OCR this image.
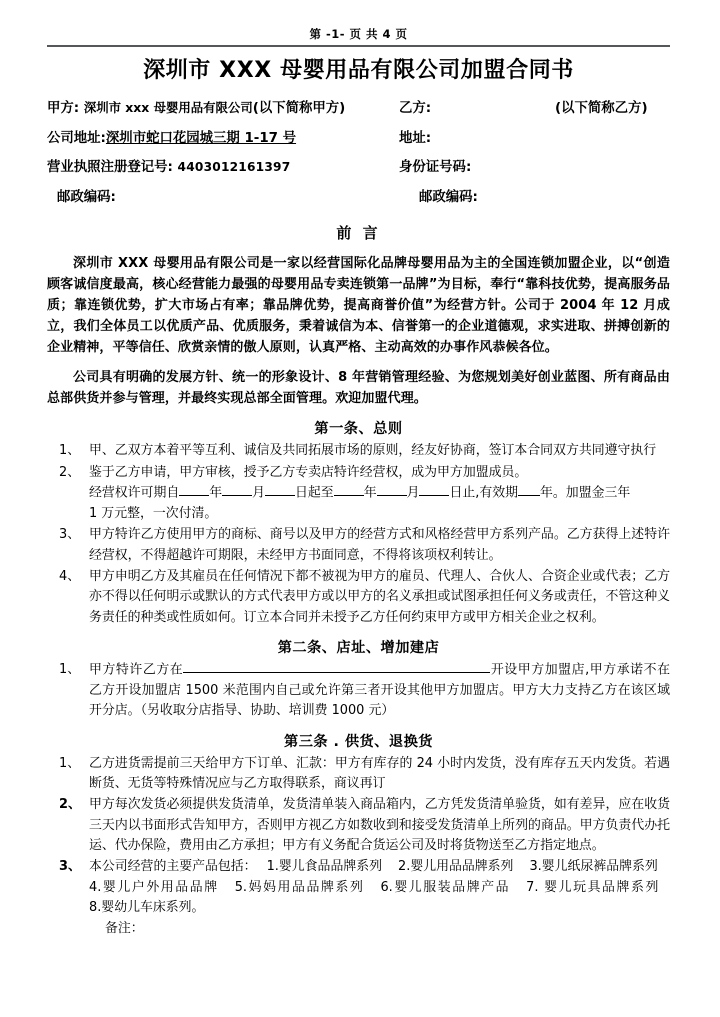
第 -1- 页 共 4 页
深圳市 XXX 母婴用品有限公司加盟合同书
甲方: 深圳市 xxx 母婴用品有限公司(以下简称甲方)	乙方:	(以下简称乙方)
公司地址:深圳市蛇口花园城三期 1-17 号	地址:
营业执照注册登记号: 4403012161397	身份证号码:
邮政编码:	邮政编码:
前 言

深圳市 XXX 母婴用品有限公司是一家以经营国际化品牌母婴用品为主的全国连锁加盟企业，以“创造顾客诚信度最高，核心经营能力最强的母婴用品专卖连锁第一品牌”为目标，奉行“靠科技优势，提高服务品质；靠连锁优势，扩大市场占有率；靠品牌优势，提高商誉价值”为经营方针。公司于 2004 年 12 月成立，我们全体员工以优质产品、优质服务，秉着诚信为本、信誉第一的企业道德观，求实进取、拼搏创新的企业精神，平等信任、欣赏亲情的傲人原则，认真严格、主动高效的办事作风恭候各位。

公司具有明确的发展方针、统一的形象设计、8 年营销管理经验、为您规划美好创业蓝图、所有商品由总部供货并参与管理，并最终实现总部全面管理。欢迎加盟代理。

第一条、总则
1、 甲、乙双方本着平等互利、诚信及共同拓展市场的原则，经友好协商，签订本合同双方共同遵守执行
2、 鉴于乙方申请，甲方审核，授予乙方专卖店特许经营权，成为甲方加盟成员。
经营权许可期自 年 月 日起至 年 月 日止,有效期 年。加盟金三年
1 万元整，一次付清。
3、 甲方特许乙方使用甲方的商标、商号以及甲方的经营方式和风格经营甲方系列产品。乙方获得上述特许经营权，不得超越许可期限，未经甲方书面同意，不得将该项权利转让。
4、 甲方申明乙方及其雇员在任何情况下都不被视为甲方的雇员、代理人、合伙人、合资企业或代表；乙方亦不得以任何明示或默认的方式代表甲方或以甲方的名义承担或试图承担任何义务或责任，不管这种义务责任的种类或性质如何。订立本合同并未授予乙方任何约束甲方或甲方相关企业之权利。
第二条、店址、增加建店
1、 甲方特许乙方在	开设甲方加盟店,甲方承诺不在乙方开设加盟店 1500 米范围内自己或允许第三者开设其他甲方加盟店。甲方大力支持乙方在该区域开分店。（另收取分店指导、协助、培训费 1000 元）
第三条 . 供货、退换货
1、 乙方进货需提前三天给甲方下订单、汇款：甲方有库存的 24 小时内发货，没有库存五天内发货。若遇断货、无货等特殊情况应与乙方取得联系，商议再订
2、 甲方每次发货必须提供发货清单，发货清单装入商品箱内，乙方凭发货清单验货，如有差异，应在收货三天内以书面形式告知甲方，否则甲方视乙方如数收到和接受发货清单上所列的商品。甲方负责代办托运、代办保险，费用由乙方承担；甲方有义务配合货运公司及时将货物送至乙方指定地点。
3、 本公司经营的主要产品包括： 1.婴儿食品品牌系列 2.婴儿用品品牌系列 3.婴儿纸尿裤品牌系列
4.婴儿户外用品品牌 5.妈妈用品品牌系列 6.婴儿服装品牌产品 7. 婴儿玩具品牌系列8.婴幼儿车床系列。
备注：
